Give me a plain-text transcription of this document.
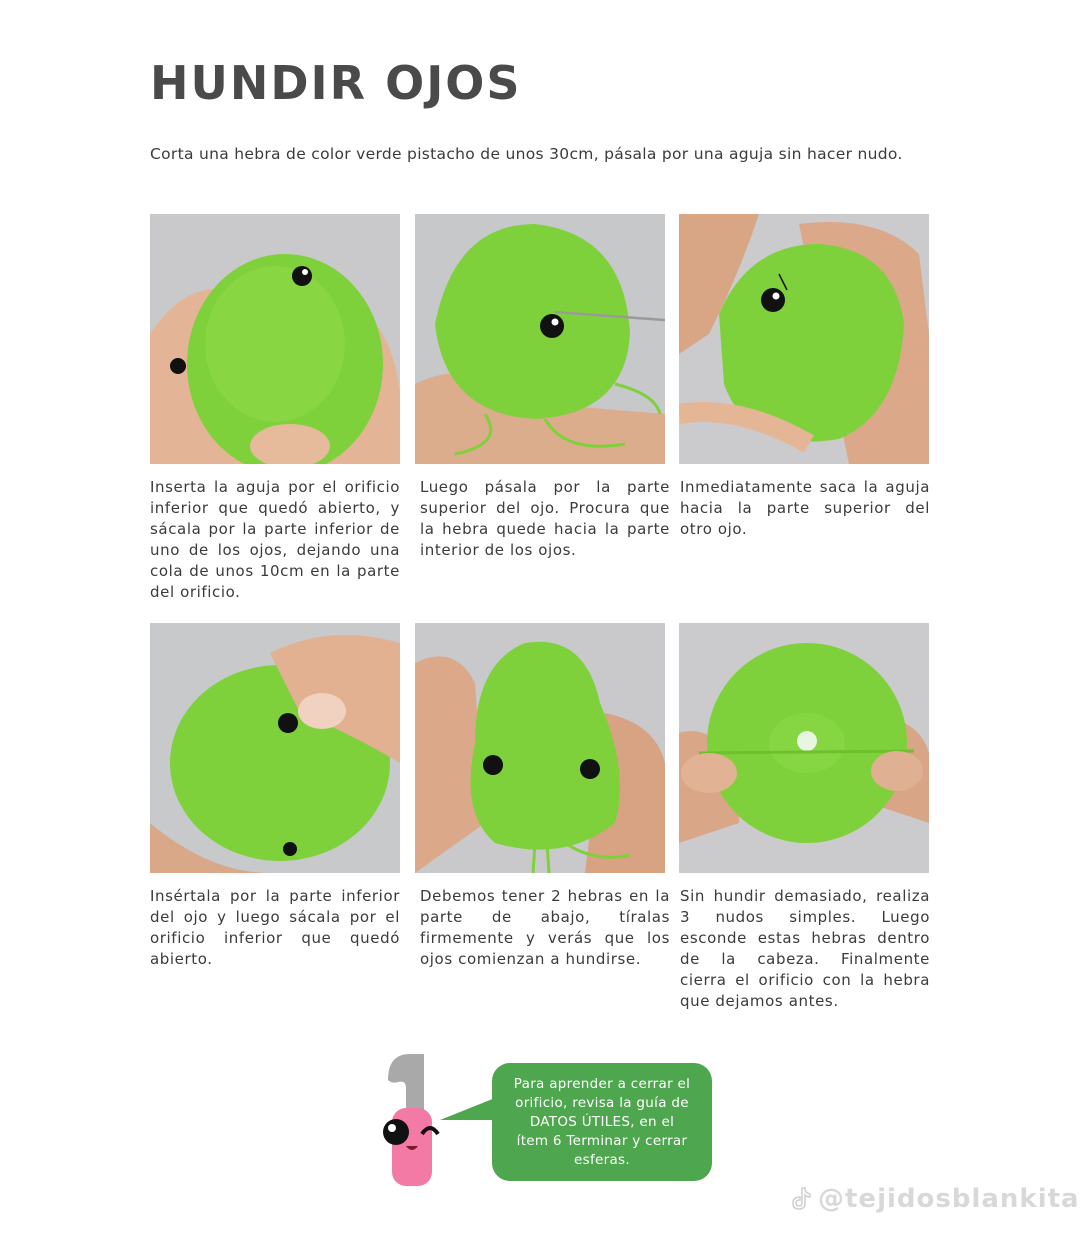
HUNDIR OJOS
Corta una hebra de color verde pistacho de unos 30cm, pásala por una aguja sin hacer nudo.
Inserta la aguja por el orificio inferior que quedó abierto, y sácala por la parte inferior de uno de los ojos, dejando una cola de unos 10cm en la parte del orificio.
Luego pásala por la parte superior del ojo. Procura que la hebra quede hacia la parte interior de los ojos.
Inmediatamente saca la aguja hacia la parte superior del otro ojo.
Insértala por la parte inferior del ojo y luego sácala por el orificio inferior que quedó abierto.
Debemos tener 2 hebras en la parte de abajo, tíralas firmemente y verás que los ojos comienzan a hundirse.
Sin hundir demasiado, realiza 3 nudos simples. Luego esconde estas hebras dentro de la cabeza. Finalmente cierra el orificio con la hebra que dejamos antes.
Para aprender a cerrar el orificio, revisa la guía de DATOS ÚTILES, en el ítem 6 Terminar y cerrar esferas.
@tejidosblankita
